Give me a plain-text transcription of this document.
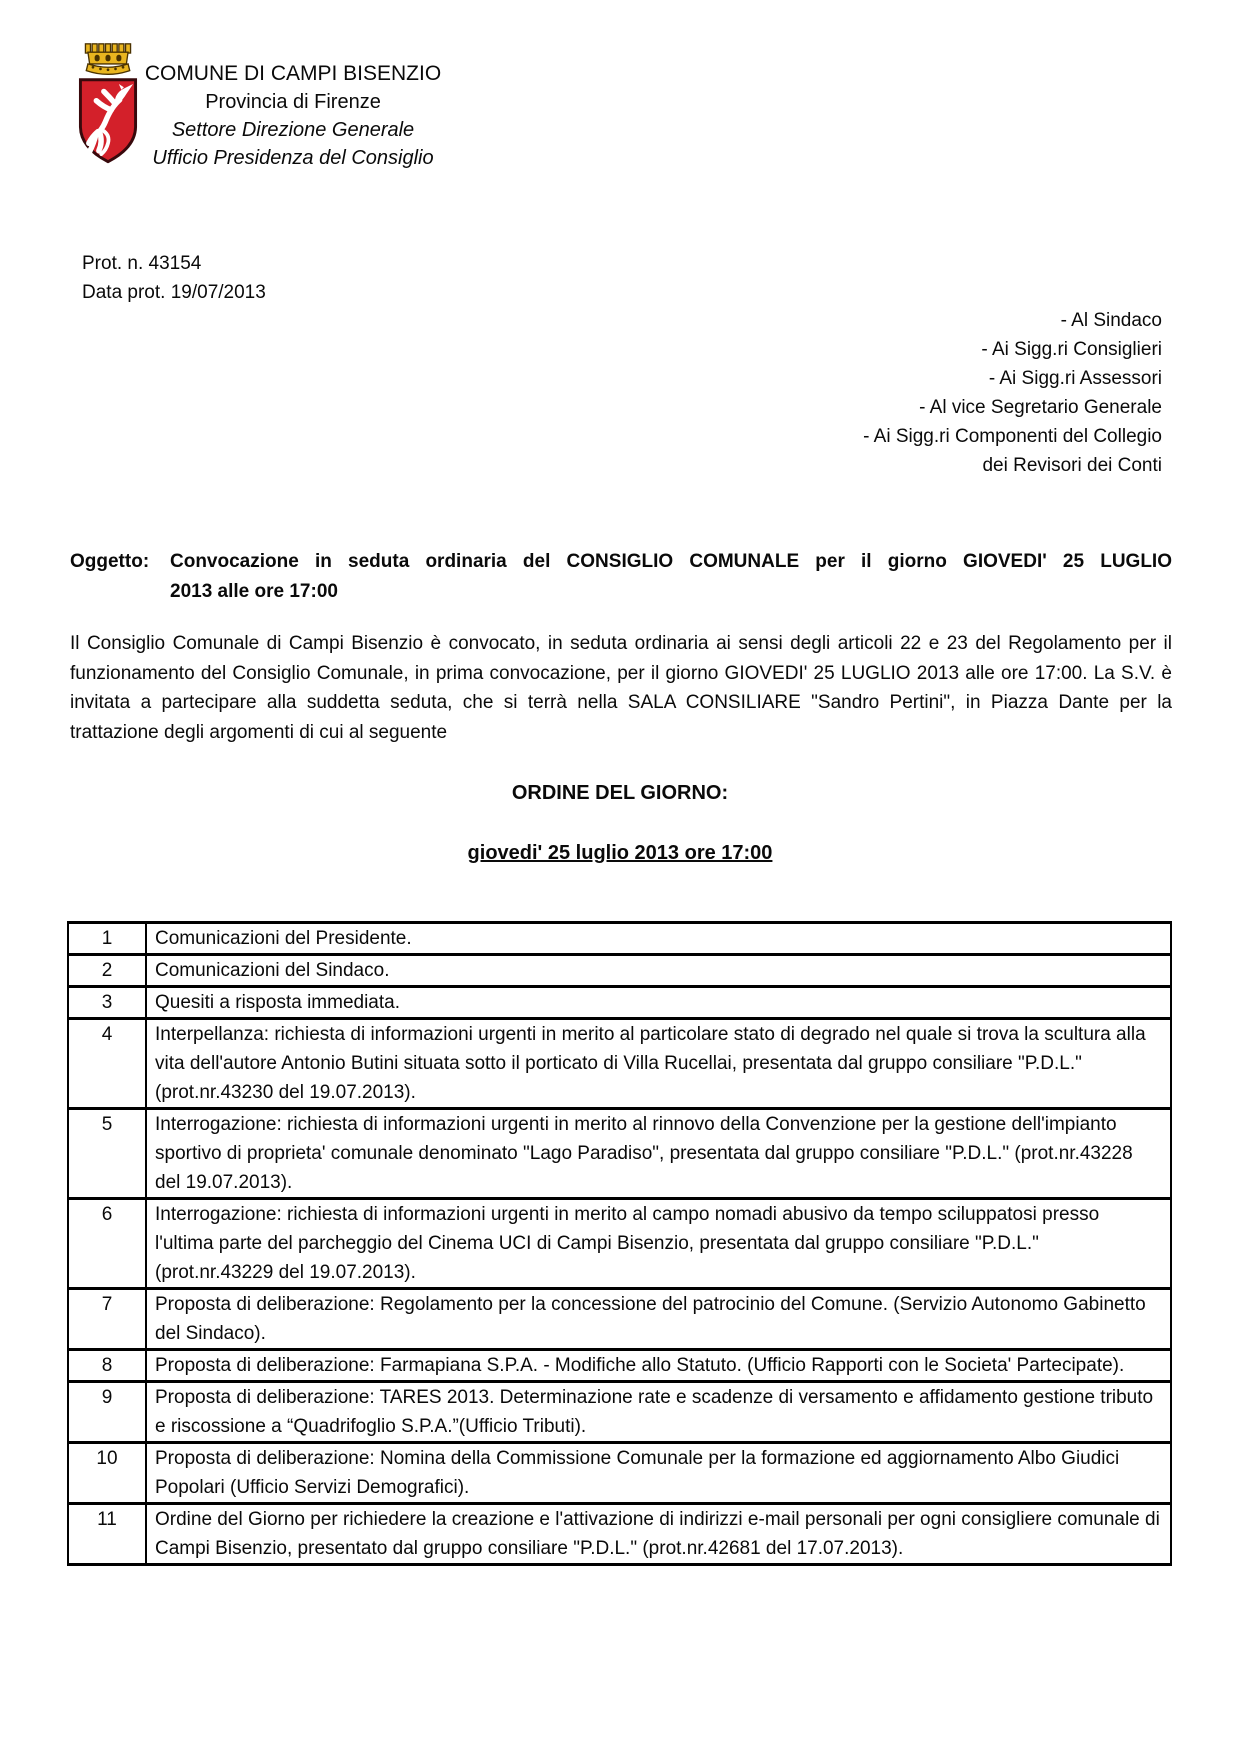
COMUNE DI CAMPI BISENZIO
Provincia di Firenze
Settore Direzione Generale
Ufficio Presidenza del Consiglio
Prot. n. 43154
Data prot. 19/07/2013
- Al Sindaco
- Ai Sigg.ri Consiglieri
- Ai Sigg.ri Assessori
- Al vice Segretario Generale
- Ai Sigg.ri Componenti del Collegio
dei Revisori dei Conti
Oggetto:	Convocazione in seduta ordinaria del CONSIGLIO COMUNALE per il giorno GIOVEDI' 25 LUGLIO
2013 alle ore 17:00
Il Consiglio Comunale di Campi Bisenzio è convocato, in seduta ordinaria ai sensi degli articoli 22 e 23 del Regolamento per il funzionamento del Consiglio Comunale, in prima convocazione, per il giorno GIOVEDI' 25 LUGLIO 2013 alle ore 17:00. La S.V. è invitata a partecipare alla suddetta seduta, che si terrà nella SALA CONSILIARE "Sandro Pertini", in Piazza Dante per la trattazione degli argomenti di cui al seguente
ORDINE DEL GIORNO:
giovedi' 25 luglio 2013 ore 17:00
1	Comunicazioni del Presidente.
2	Comunicazioni del Sindaco.
3	Quesiti a risposta immediata.
4	Interpellanza: richiesta di informazioni urgenti in merito al particolare stato di degrado nel quale si trova la scultura alla vita dell'autore Antonio Butini situata sotto il porticato di Villa Rucellai, presentata dal gruppo consiliare "P.D.L." (prot.nr.43230 del 19.07.2013).
5	Interrogazione: richiesta di informazioni urgenti in merito al rinnovo della Convenzione per la gestione dell'impianto sportivo di proprieta' comunale denominato "Lago Paradiso", presentata dal gruppo consiliare "P.D.L." (prot.nr.43228 del 19.07.2013).
6	Interrogazione: richiesta di informazioni urgenti in merito al campo nomadi abusivo da tempo sciluppatosi presso l'ultima parte del parcheggio del Cinema UCI di Campi Bisenzio, presentata dal gruppo consiliare "P.D.L." (prot.nr.43229 del 19.07.2013).
7	Proposta di deliberazione: Regolamento per la concessione del patrocinio del Comune. (Servizio Autonomo Gabinetto del Sindaco).
8	Proposta di deliberazione: Farmapiana S.P.A. - Modifiche allo Statuto. (Ufficio Rapporti con le Societa' Partecipate).
9	Proposta di deliberazione: TARES 2013. Determinazione rate e scadenze di versamento e affidamento gestione tributo e riscossione a “Quadrifoglio S.P.A.”(Ufficio Tributi).
10	Proposta di deliberazione: Nomina della Commissione Comunale per la formazione ed aggiornamento Albo Giudici Popolari (Ufficio Servizi Demografici).
11	Ordine del Giorno per richiedere la creazione e l'attivazione di indirizzi e-mail personali per ogni consigliere comunale di Campi Bisenzio, presentato dal gruppo consiliare "P.D.L." (prot.nr.42681 del 17.07.2013).
